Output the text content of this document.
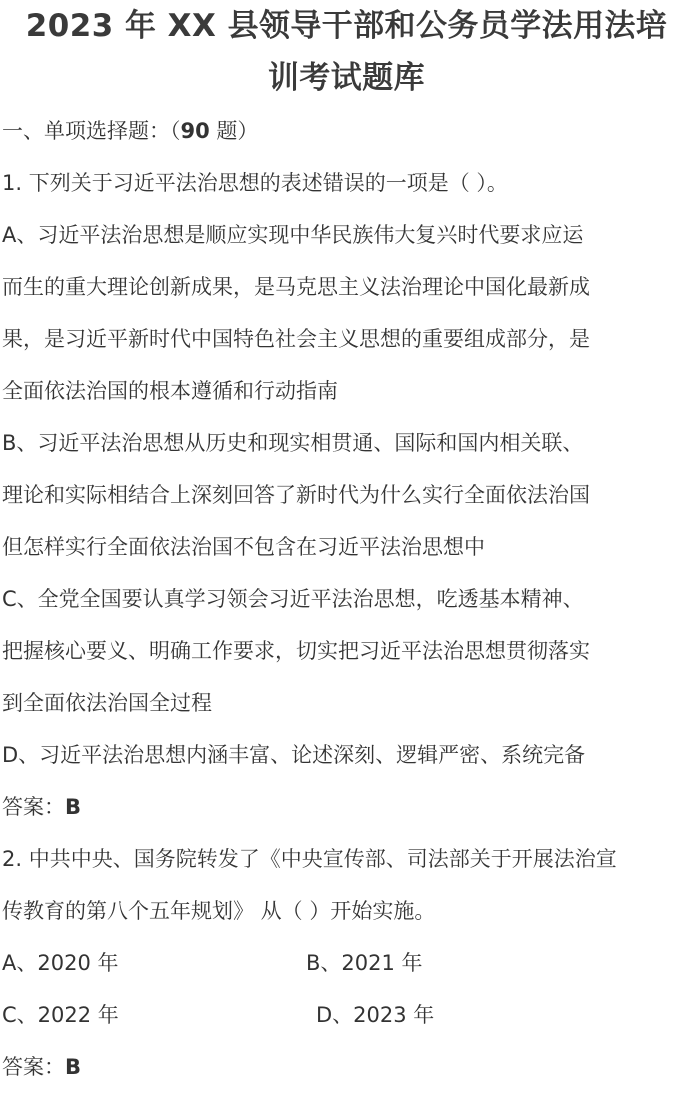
2023 年 XX 县领导干部和公务员学法用法培
训考试题库
一、单项选择题：（90 题）
1. 下列关于习近平法治思想的表述错误的一项是（ ）。
A、习近平法治思想是顺应实现中华民族伟大复兴时代要求应运
而生的重大理论创新成果，是马克思主义法治理论中国化最新成
果，是习近平新时代中国特色社会主义思想的重要组成部分，是
全面依法治国的根本遵循和行动指南
B、习近平法治思想从历史和现实相贯通、国际和国内相关联、
理论和实际相结合上深刻回答了新时代为什么实行全面依法治国
但怎样实行全面依法治国不包含在习近平法治思想中
C、全党全国要认真学习领会习近平法治思想，吃透基本精神、
把握核心要义、明确工作要求，切实把习近平法治思想贯彻落实
到全面依法治国全过程
D、习近平法治思想内涵丰富、论述深刻、逻辑严密、系统完备
答案：B
2. 中共中央、国务院转发了《中央宣传部、司法部关于开展法治宣
传教育的第八个五年规划》 从（ ）开始实施。
A、2020 年	B、2021 年
C、2022 年	D、2023 年
答案：B
